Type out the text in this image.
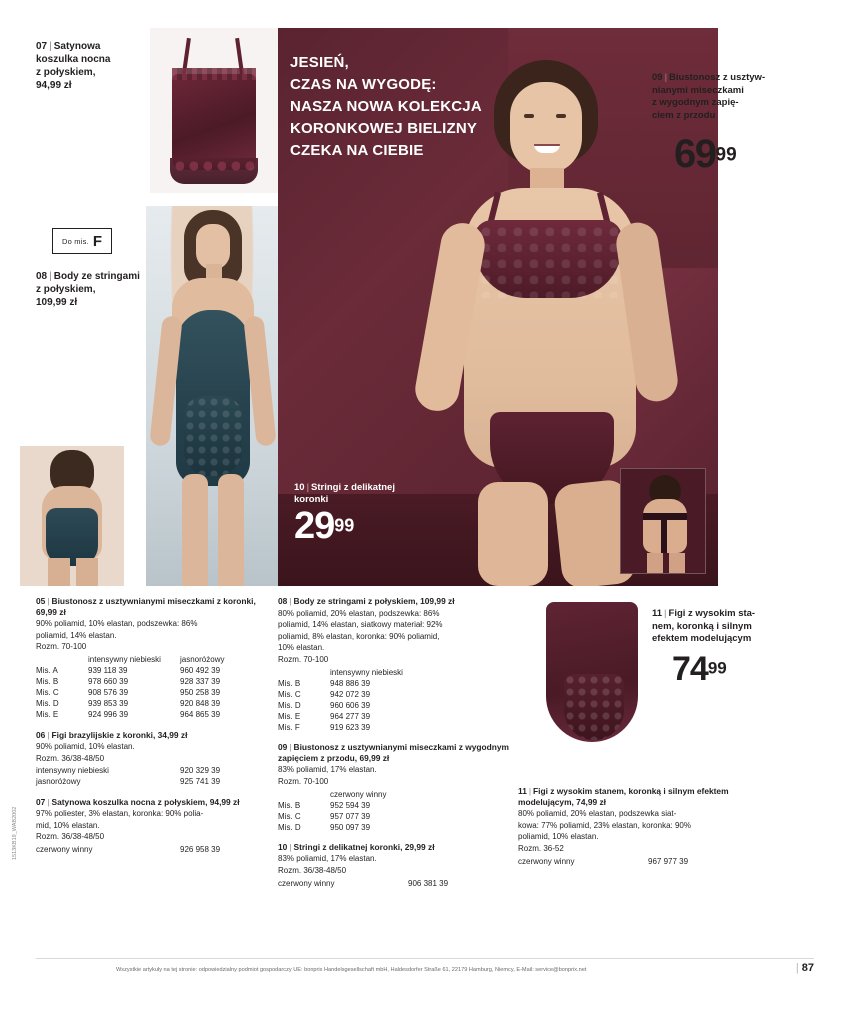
07 | Satynowa
koszulka nocna
z połyskiem,
94,99 zł
Do mis. F
08 | Body ze stringami
z połyskiem,
109,99 zł
JESIEŃ,
CZAS NA WYGODĘ:
NASZA NOWA KOLEKCJA
KORONKOWEJ BIELIZNY
CZEKA NA CIEBIE
10 | Stringi z delikatnej
koronki
2999
09 | Biustonosz z usztyw-
nianymi miseczkami
z wygodnym zapię-
ciem z przodu
6999
11 | Figi z wysokim sta-
nem, koronką i silnym
efektem modelującym
7499
05 | Biustonosz z usztywnianymi miseczkami z koronki, 69,99 zł

90% poliamid, 10% elastan, podszewka: 86%

poliamid, 14% elastan.

Rozm. 70-100

	intensywny niebieski	jasnoróżowy
Mis. A	939 118 39	960 492 39
Mis. B	978 660 39	928 337 39
Mis. C	908 576 39	950 258 39
Mis. D	939 853 39	920 848 39
Mis. E	924 996 39	964 865 39
06 | Figi brazylijskie z koronki, 34,99 zł

90% poliamid, 10% elastan.

Rozm. 36/38-48/50

intensywny niebieski	920 329 39
jasnoróżowy	925 741 39
07 | Satynowa koszulka nocna z połyskiem, 94,99 zł

97% poliester, 3% elastan, koronka: 90% polia-

mid, 10% elastan.

Rozm. 36/38-48/50

czerwony winny	926 958 39
08 | Body ze stringami z połyskiem, 109,99 zł

80% poliamid, 20% elastan, podszewka: 86%

poliamid, 14% elastan, siatkowy materiał: 92%

poliamid, 8% elastan, koronka: 90% poliamid,

10% elastan.

Rozm. 70-100

	intensywny niebieski
Mis. B	948 886 39
Mis. C	942 072 39
Mis. D	960 606 39
Mis. E	964 277 39
Mis. F	919 623 39
09 | Biustonosz z usztywnianymi miseczkami z wygodnym zapięciem z przodu, 69,99 zł

83% poliamid, 17% elastan.

Rozm. 70-100

	czerwony winny
Mis. B	952 594 39
Mis. C	957 077 39
Mis. D	950 097 39
10 | Stringi z delikatnej koronki, 29,99 zł

83% poliamid, 17% elastan.

Rozm. 36/38-48/50

czerwony winny	906 381 39
11 | Figi z wysokim stanem, koronką i silnym efektem modelującym, 74,99 zł

80% poliamid, 20% elastan, podszewka siat-

kowa: 77% poliamid, 23% elastan, koronka: 90%

poliamid, 10% elastan.

Rozm. 36-52

czerwony winny	967 977 39
Wszystkie artykuły na tej stronie: odpowiedzialny podmiot gospodarczy UE: bonprix Handelsgesellschaft mbH, Haldesdorfer Straße 61, 22179 Hamburg, Niemcy, E-Mail: service@bonprix.net	| 87
1513KB19_WAB2002
